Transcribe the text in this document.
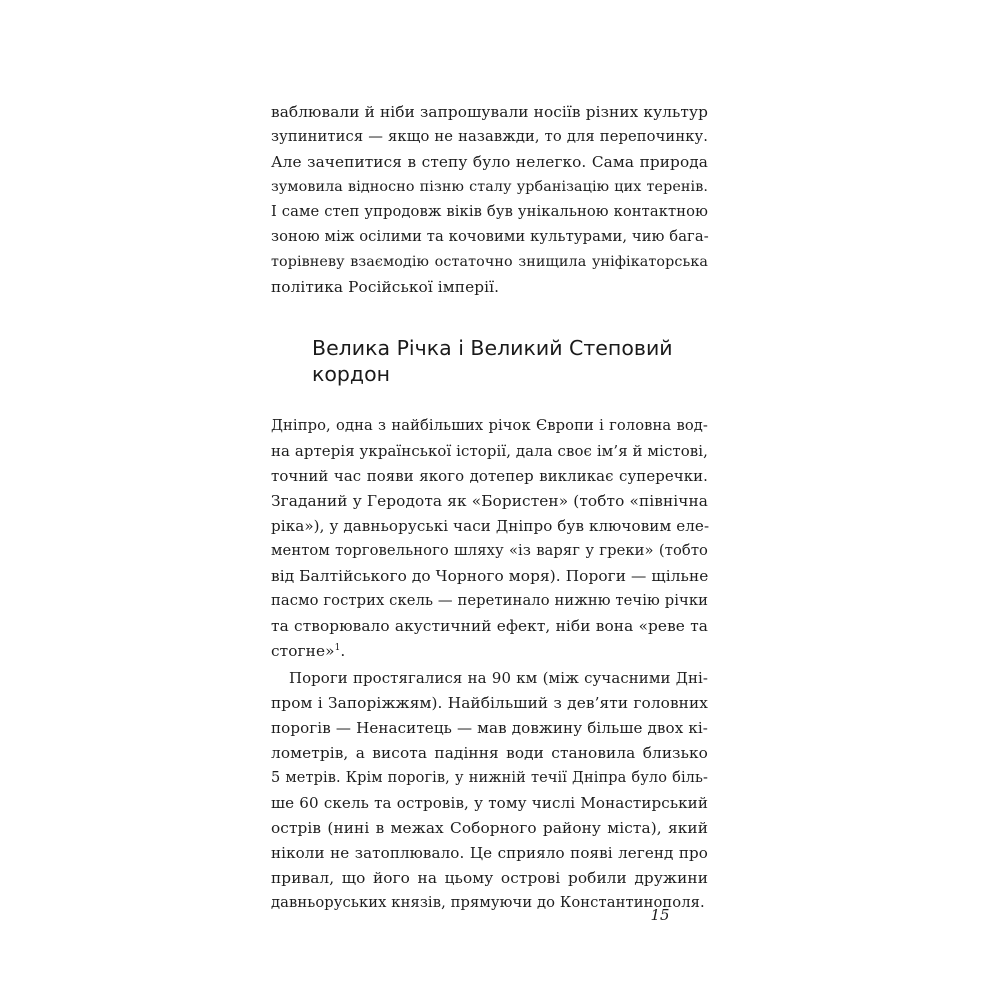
ваблювали й ніби запрошували носіїв різних культур
зупинитися — якщо не назавжди, то для перепочинку.
Але зачепитися в степу було нелегко. Сама природа
зумовила відносно пізню сталу урбанізацію цих теренів.
І саме степ упродовж віків був унікальною контактною
зоною між осілими та кочовими культурами, чию бага-
торівневу взаємодію остаточно знищила уніфікаторська
політика Російської імперії.
Велика Річка і Великий Степовий
кордон
Дніпро, одна з найбільших річок Європи і головна вод-
на артерія української історії, дала своє ім’я й містові,
точний час появи якого дотепер викликає суперечки.
Згаданий у Геродота як «Бористен» (тобто «північна
ріка»), у давньоруські часи Дніпро був ключовим еле-
ментом торговельного шляху «із варяг у греки» (тобто
від Балтійського до Чорного моря). Пороги — щільне
пасмо гострих скель — перетинало нижню течію річки
та створювало акустичний ефект, ніби вона «реве та
стогне»$^1$.
Пороги простягалися на 90 км (між сучасними Дні-
пром і Запоріжжям). Найбільший з дев’яти головних
порогів — Ненаситець — мав довжину більше двох кі-
лометрів, а висота падіння води становила близько
5 метрів. Крім порогів, у нижній течії Дніпра було біль-
ше 60 скель та островів, у тому числі Монастирський
острів (нині в межах Соборного району міста), який
ніколи не затоплювало. Це сприяло появі легенд про
привал, що його на цьому острові робили дружини
давньоруських князів, прямуючи до Константинополя.
15
